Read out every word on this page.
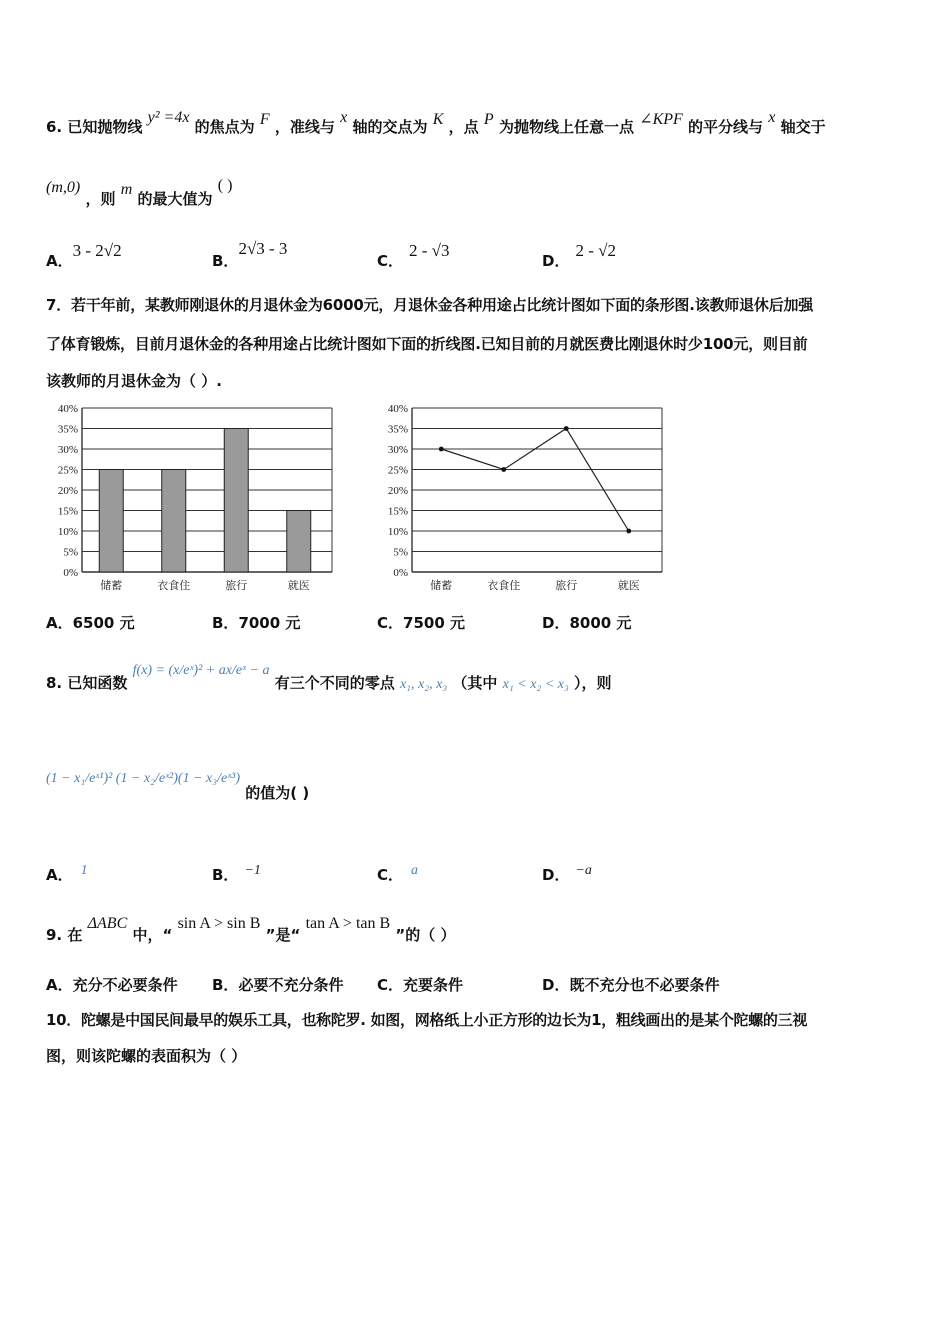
6. 已知抛物线 y² =4x 的焦点为 F ，准线与 x 轴的交点为 K ，点 P 为抛物线上任意一点 ∠KPF 的平分线与 x 轴交于
(m,0) ，则 m 的最大值为 ( )
A．3 - 2√2
B．2√3 - 3
C．2 - √3
D．2 - √2
7．若干年前，某教师刚退休的月退休金为6000元，月退休金各种用途占比统计图如下面的条形图.该教师退休后加强
了体育锻炼，目前月退休金的各种用途占比统计图如下面的折线图.已知目前的月就医费比刚退休时少100元，则目前
该教师的月退休金为（ ）.
0%
5%
10%
15%
20%
25%
30%
35%
40%
储蓄	衣食住	旅行	就医
0%
5%
10%
15%
20%
25%
30%
35%
40%
储蓄	衣食住	旅行	就医
A．6500 元	B．7000 元	C．7500 元	D．8000 元
8. 已知函数 f(x) = (x/eˣ)² + ax/eˣ − a 有三个不同的零点 x₁, x₂, x₃ （其中 x₁ < x₂ < x₃ ），则
(1 − x₁/eˣ¹)² (1 − x₂/eˣ²)(1 − x₃/eˣ³) 的值为( )
A． 1	B． −1	C． a	D． −a
9. 在 ΔABC 中，“ sin A > sin B ”是“ tan A > tan B ”的（ ）
A．充分不必要条件 B．必要不充分条件 C．充要条件	D．既不充分也不必要条件
10．陀螺是中国民间最早的娱乐工具，也称陀罗. 如图，网格纸上小正方形的边长为1，粗线画出的是某个陀螺的三视
图，则该陀螺的表面积为（ ）
